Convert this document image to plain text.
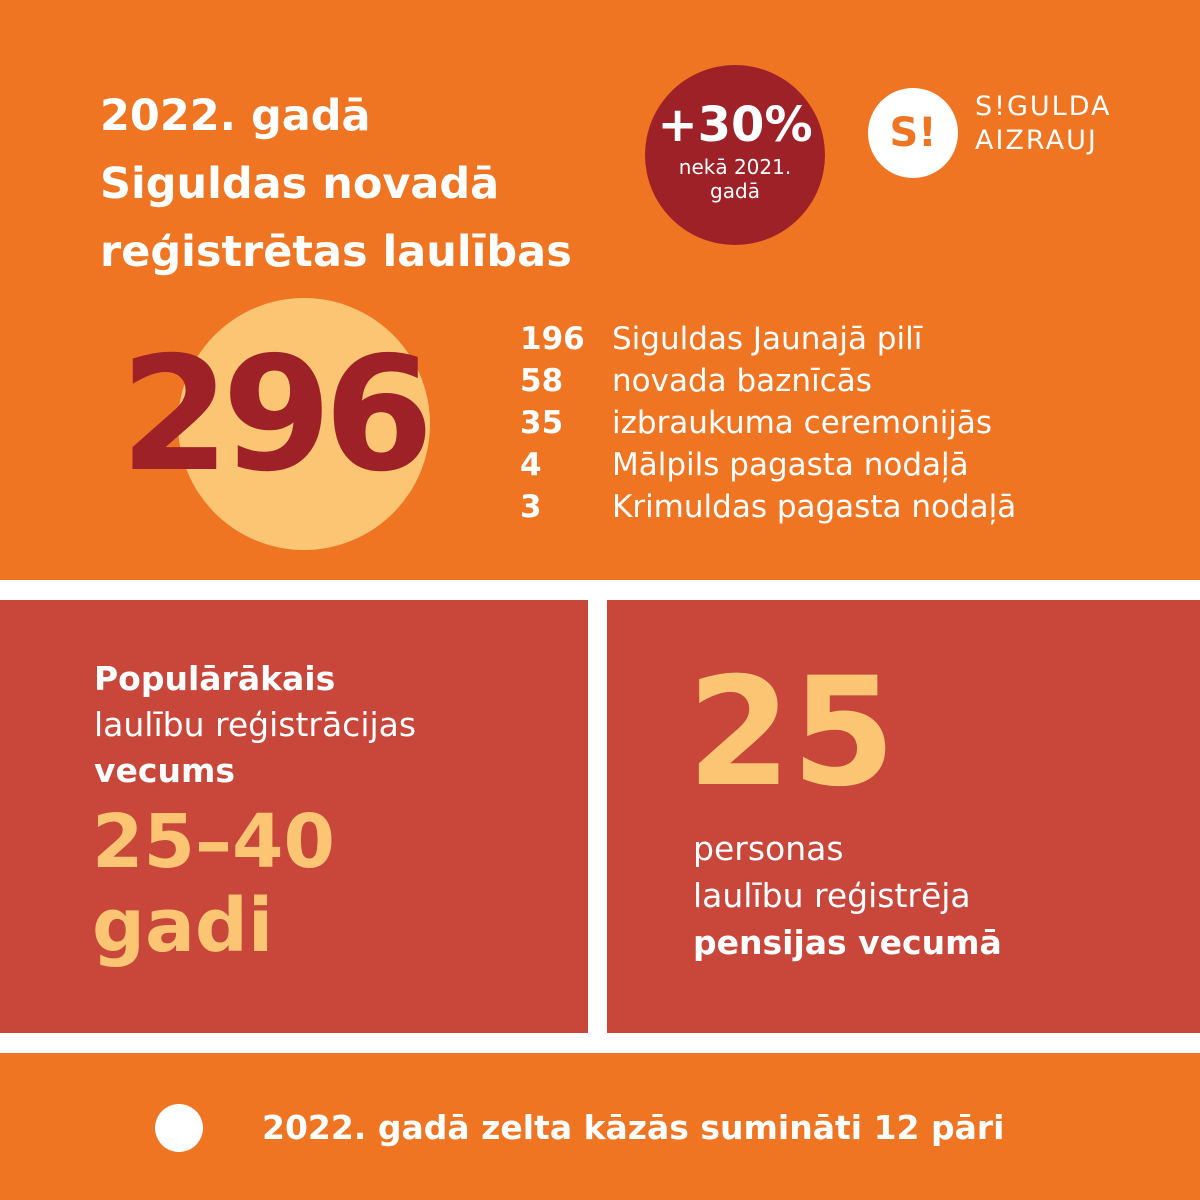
2022. gadā
Siguldas novadā
reģistrētas laulības
+30%
nekā 2021.
gadā
S!
S!GULDA
AIZRAUJ
296	196 Siguldas Jaunajā pilī
58	novada baznīcās
35	izbraukuma ceremonijās
4	Mālpils pagasta nodaļā
3	Krimuldas pagasta nodaļā
Populārākais
laulību reģistrācijas
vecums
25–40
gadi
25
personas
laulību reģistrēja
pensijas vecumā
2022. gadā zelta kāzās sumināti 12 pāri
